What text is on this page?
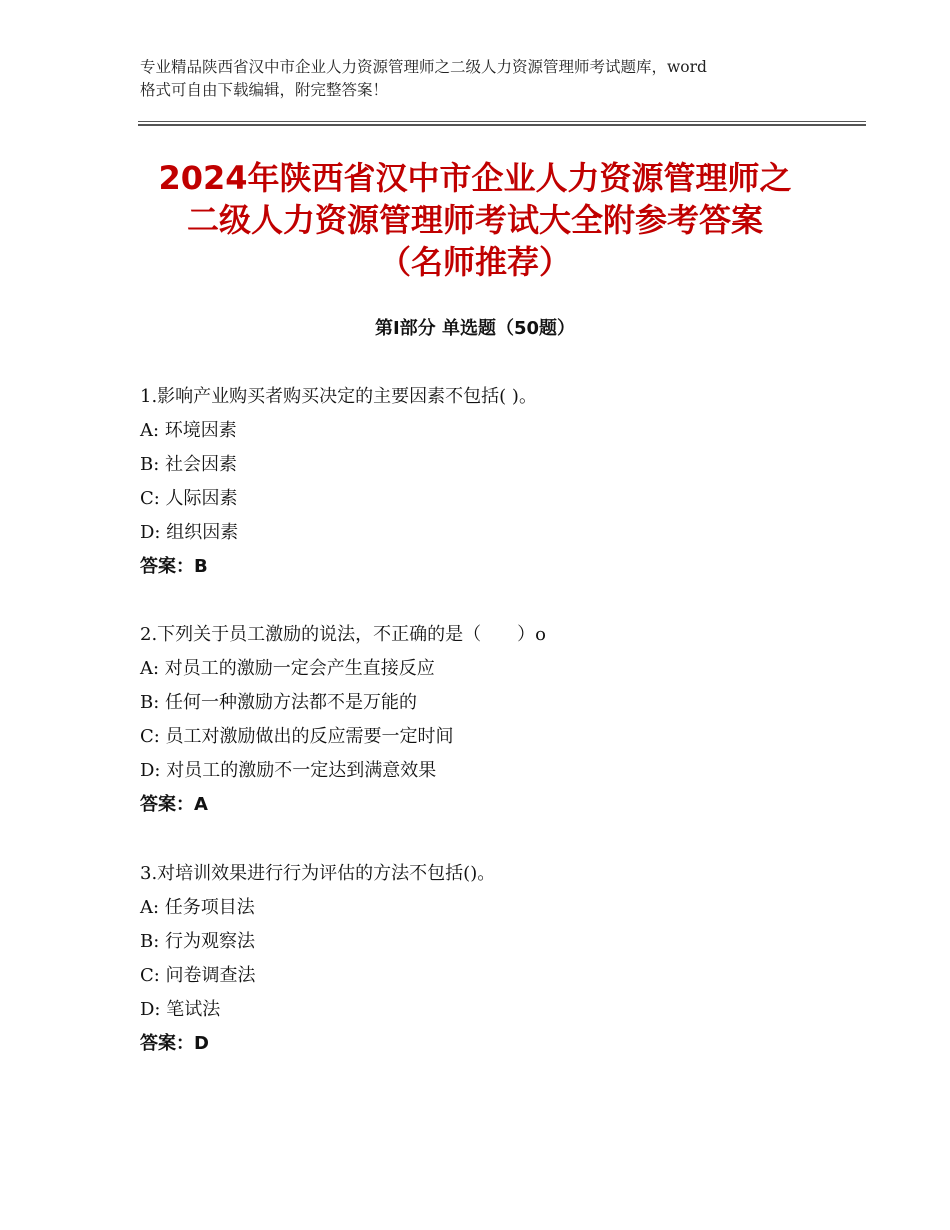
专业精品陕西省汉中市企业人力资源管理师之二级人力资源管理师考试题库，word
格式可自由下载编辑，附完整答案！
2024年陕西省汉中市企业人力资源管理师之
二级人力资源管理师考试大全附参考答案
（名师推荐）
第Ⅰ部分 单选题（50题）
1.影响产业购买者购买决定的主要因素不包括( )。
A: 环境因素
B: 社会因素
C: 人际因素
D: 组织因素
答案：B
2.下列关于员工激励的说法，不正确的是（　　）o
A: 对员工的激励一定会产生直接反应
B: 任何一种激励方法都不是万能的
C: 员工对激励做出的反应需要一定时间
D: 对员工的激励不一定达到满意效果
答案：A
3.对培训效果进行行为评估的方法不包括()。
A: 任务项目法
B: 行为观察法
C: 问卷调查法
D: 笔试法
答案：D
